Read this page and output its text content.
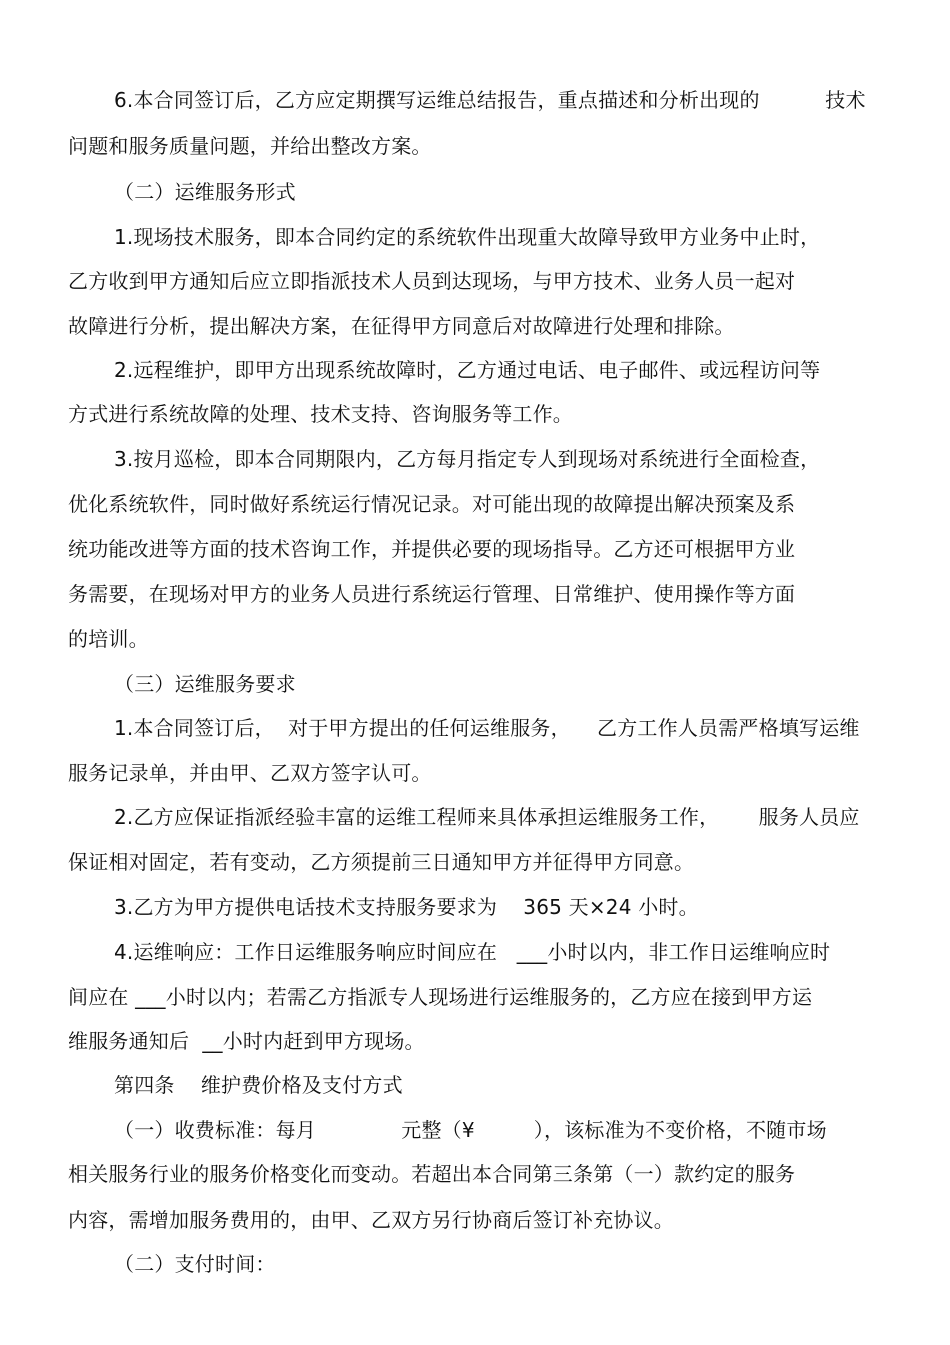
6.本合同签订后，乙方应定期撰写运维总结报告，重点描述和分析出现的          技术
问题和服务质量问题，并给出整改方案。
（二）运维服务形式
1.现场技术服务，即本合同约定的系统软件出现重大故障导致甲方业务中止时，
乙方收到甲方通知后应立即指派技术人员到达现场，与甲方技术、业务人员一起对
故障进行分析，提出解决方案，在征得甲方同意后对故障进行处理和排除。
2.远程维护，即甲方出现系统故障时，乙方通过电话、电子邮件、或远程访问等
方式进行系统故障的处理、技术支持、咨询服务等工作。
3.按月巡检，即本合同期限内，乙方每月指定专人到现场对系统进行全面检查，
优化系统软件，同时做好系统运行情况记录。对可能出现的故障提出解决预案及系
统功能改进等方面的技术咨询工作，并提供必要的现场指导。乙方还可根据甲方业
务需要，在现场对甲方的业务人员进行系统运行管理、日常维护、使用操作等方面
的培训。
（三）运维服务要求
1.本合同签订后，  对于甲方提出的任何运维服务，    乙方工作人员需严格填写运维
服务记录单，并由甲、乙双方签字认可。
2.乙方应保证指派经验丰富的运维工程师来具体承担运维服务工作，      服务人员应
保证相对固定，若有变动，乙方须提前三日通知甲方并征得甲方同意。
3.乙方为甲方提供电话技术支持服务要求为    365 天×24 小时。
4.运维响应：工作日运维服务响应时间应在   ___小时以内，非工作日运维响应时
间应在 ___小时以内；若需乙方指派专人现场进行运维服务的，乙方应在接到甲方运
维服务通知后  __小时内赶到甲方现场。
第四条    维护费价格及支付方式
（一）收费标准：每月             元整（¥         ），该标准为不变价格，不随市场
相关服务行业的服务价格变化而变动。若超出本合同第三条第（一）款约定的服务
内容，需增加服务费用的，由甲、乙双方另行协商后签订补充协议。
（二）支付时间：
